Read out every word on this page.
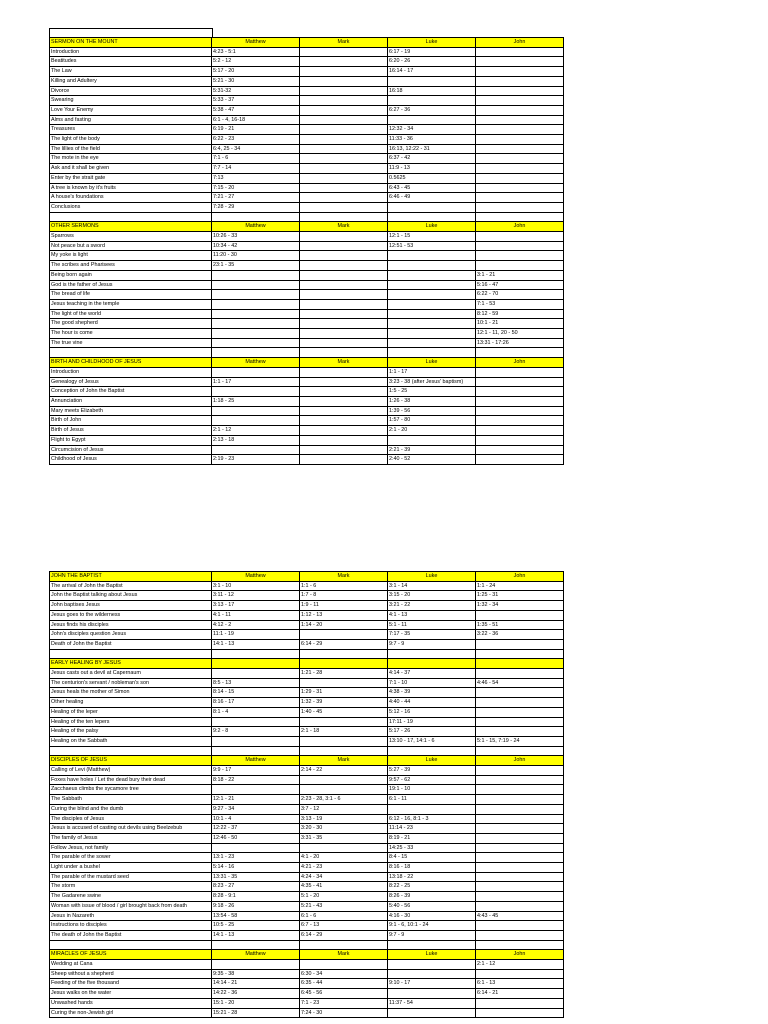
SERMON ON THE MOUNT	Matthew	Mark	Luke	John
Introduction	4:23 - 5:1		6:17 - 19	
Beatitudes	5:2 - 12		6:20 - 26	
The Law	5:17 - 20		16:14 - 17	
Killing and Adultery	5:21 - 30			
Divorce	5:31-32		16:18	
Swearing	5:33 - 37			
Love Your Enemy	5:38 - 47		6:27 - 36	
Alms and fasting	6:1 - 4, 16-18			
Treasures	6:19 - 21		12:32 - 34	
The light of the body	6:22 - 23		11:33 - 36	
The lillies of the field	6:4, 25 - 34		16:13, 12:22 - 31	
The mote in the eye	7:1 - 6		6:37 - 42	
Ask and it shall be given	7:7 - 14		11:9 - 13	
Enter by the strait gate	7:13		0.5625	
A tree is known by it's fruits	7:15 - 20		6:43 - 45	
A house's foundations	7:21 - 27		6:46 - 49	
Conclusions	7:28 - 29			

OTHER SERMONS	Matthew	Mark	Luke	John
Sparrows	10:26 - 33		12:1 - 15	
Not peace but a sword	10:34 - 42		12:51 - 53	
My yoke is light	11:20 - 30			
The scribes and Pharisees	23:1 - 35			
Being born again				3:1 - 21
God is the father of Jesus				5:16 - 47
The bread of life				6:22 - 70
Jesus teaching in the temple				7:1 - 53
The light of the world				8:12 - 59
The good shepherd				10:1 - 21
The hour is come				12:1 - 11, 20 - 50
The true vine				13:31 - 17:26

BIRTH AND CHILDHOOD OF JESUS	Matthew	Mark	Luke	John
Introduction			1:1 - 17	
Genealogy of Jesus	1:1 - 17		3:23 - 38 (after Jesus' baptism)	
Conception of John the Baptist			1:5 - 25	
Annunciation	1:18 - 25		1:26 - 38	
Mary meets Elizabeth			1:39 - 56	
Birth of John			1:57 - 80	
Birth of Jesus	2:1 - 12		2:1 - 20	
Flight to Egypt	2:13 - 18			
Circumcision of Jesus			2:21 - 39	
Childhood of Jesus	2:19 - 23		2:40 - 52	
JOHN THE BAPTIST	Matthew	Mark	Luke	John
The arrival of John the Baptist	3:1 - 10	1:1 - 6	3:1 - 14	1:1 - 24
John the Baptist talking about Jesus	3:11 - 12	1:7 - 8	3:15 - 20	1:25 - 31
John baptises Jesus	3:13 - 17	1:9 - 11	3:21 - 22	1:32 - 34
Jesus goes to the wilderness	4:1 - 11	1:12 - 13	4:1 - 13	
Jesus finds his disciples	4:12 - 2	1:14 - 20	5:1 - 11	1:35 - 51
John's disciples question Jesus	11:1 - 19		7:17 - 35	3:22 - 36
Death of John the Baptist	14:1 - 13	6:14 - 29	9:7 - 9	

EARLY HEALING BY JESUS				
Jesus casts out a devil at Capernaum		1:21 - 28	4:14 - 37	
The centurion's servant / nobleman's son	8:5 - 13		7:1 - 10	4:46 - 54
Jesus heals the mother of Simon	8:14 - 15	1:29 - 31	4:38 - 39	
Other healing	8:16 - 17	1:32 - 39	4:40 - 44	
Healing of the leper	8:1 - 4	1:40 - 45	5:12 - 16	
Healing of the ten lepers			17:11 - 19	
Healing of the palsy	9:2 - 8	2:1 - 18	5:17 - 26	
Healing on the Sabbath			13:10 - 17, 14:1 - 6	5:1 - 15, 7:19 - 24

DISCIPLES OF JESUS	Matthew	Mark	Luke	John
Calling of Levi (Matthew)	9:9 - 17	2:14 - 22	5:27 - 39	
Foxes have holes / Let the dead bury their dead	8:18 - 22		9:57 - 62	
Zacchaeus climbs the sycamore tree			19:1 - 10	
The Sabbath	12:1 - 21	2:23 - 28, 3:1 - 6	6:1 - 11	
Curing the blind and the dumb	9:27 - 34	3:7 - 12		
The disciples of Jesus	10:1 - 4	3:13 - 19	6:12 - 16, 8:1 - 3	
Jesus is accused of casting out devils using Beelzebub	12:22 - 37	3:20 - 30	11:14 - 23	
The family of Jesus	12:46 - 50	3:31 - 35	8:19 - 21	
Follow Jesus, not family			14:25 - 33	
The parable of the sower	13:1 - 23	4:1 - 20	8:4 - 15	
Light under a bushel	5:14 - 16	4:21 - 23	8:16 - 18	
The parable of the mustard seed	13:31 - 35	4:24 - 34	13:18 - 22	
The storm	8:23 - 27	4:35 - 41	8:22 - 25	
The Gadarene swine	8:28 - 9:1	5:1 - 20	8:26 - 39	
Woman with issue of blood / girl brought back from death	9:18 - 26	5:21 - 43	5:40 - 56	
Jesus in Nazareth	13:54 - 58	6:1 - 6	4:16 - 30	4:43 - 45
Instructions to disciples	10:5 - 25	6:7 - 13	9:1 - 6, 10:1 - 24	
The death of John the Baptist	14:1 - 13	6:14 - 29	9:7 - 9	

MIRACLES OF JESUS	Matthew	Mark	Luke	John
Wedding at Cana				2:1 - 12
Sheep without a shepherd	9:35 - 38	6:30 - 34		
Feeding of the five thousand	14:14 - 21	6:35 - 44	9:10 - 17	6:1 - 13
Jesus walks on the water	14:22 - 36	6:45 - 56		6:14 - 21
Unwashed hands	15:1 - 20	7:1 - 23	11:37 - 54	
Curing the non-Jewish girl	15:21 - 28	7:24 - 30		
